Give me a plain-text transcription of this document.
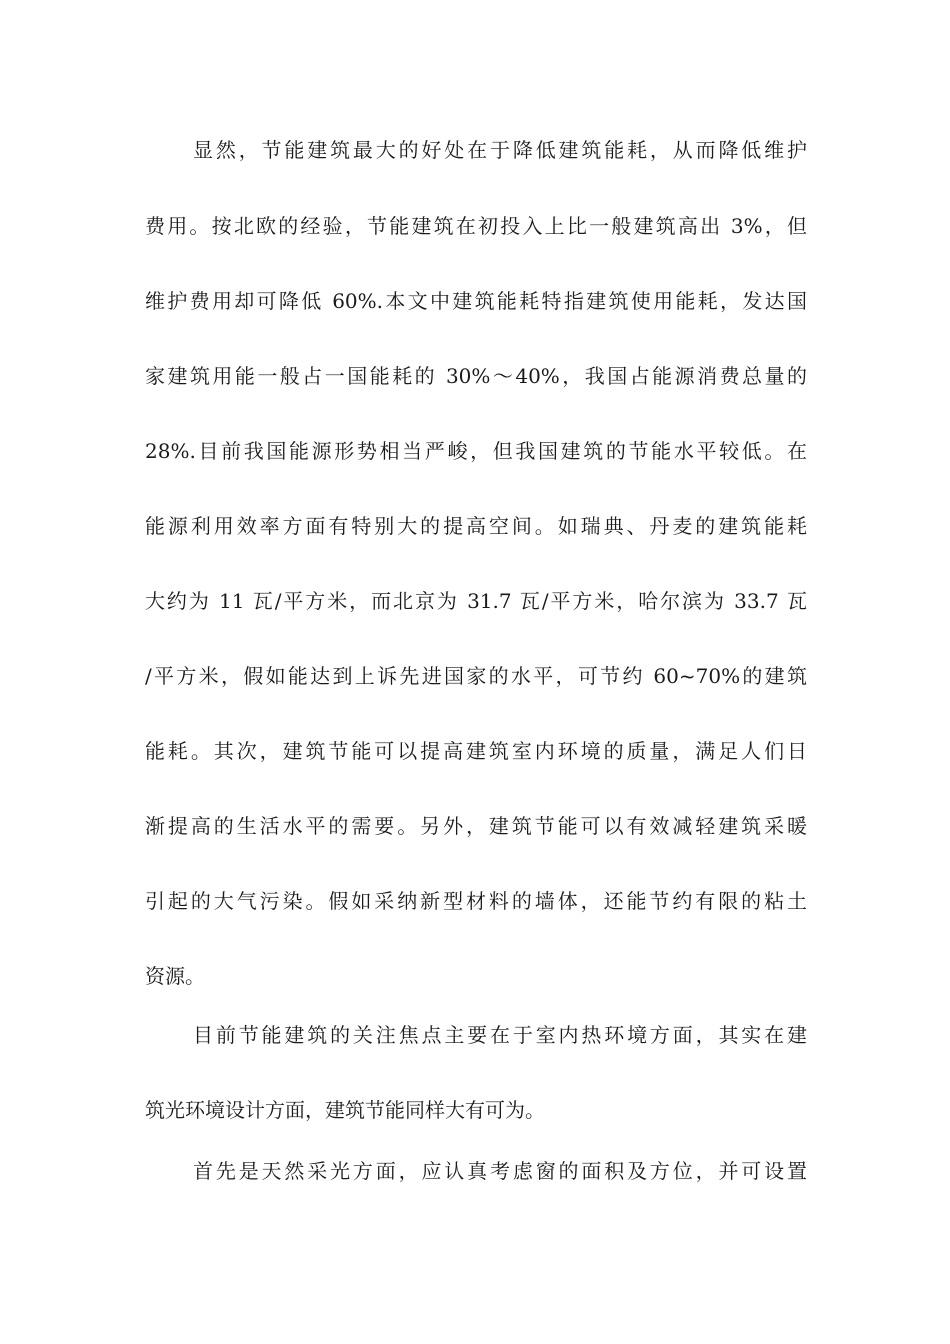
显然，节能建筑最大的好处在于降低建筑能耗，从而降低维护
费用。按北欧的经验，节能建筑在初投入上比一般建筑高出 3%，但
维护费用却可降低 60%.本文中建筑能耗特指建筑使用能耗，发达国
家建筑用能一般占一国能耗的 30%～40%，我国占能源消费总量的
28%.目前我国能源形势相当严峻，但我国建筑的节能水平较低。在
能源利用效率方面有特别大的提高空间。如瑞典、丹麦的建筑能耗
大约为 11 瓦/平方米，而北京为 31.7 瓦/平方米，哈尔滨为 33.7 瓦
/平方米，假如能达到上诉先进国家的水平，可节约 60~70%的建筑
能耗。其次，建筑节能可以提高建筑室内环境的质量，满足人们日
渐提高的生活水平的需要。另外，建筑节能可以有效减轻建筑采暖
引起的大气污染。假如采纳新型材料的墙体，还能节约有限的粘土
资源。
目前节能建筑的关注焦点主要在于室内热环境方面，其实在建
筑光环境设计方面，建筑节能同样大有可为。
首先是天然采光方面，应认真考虑窗的面积及方位，并可设置
